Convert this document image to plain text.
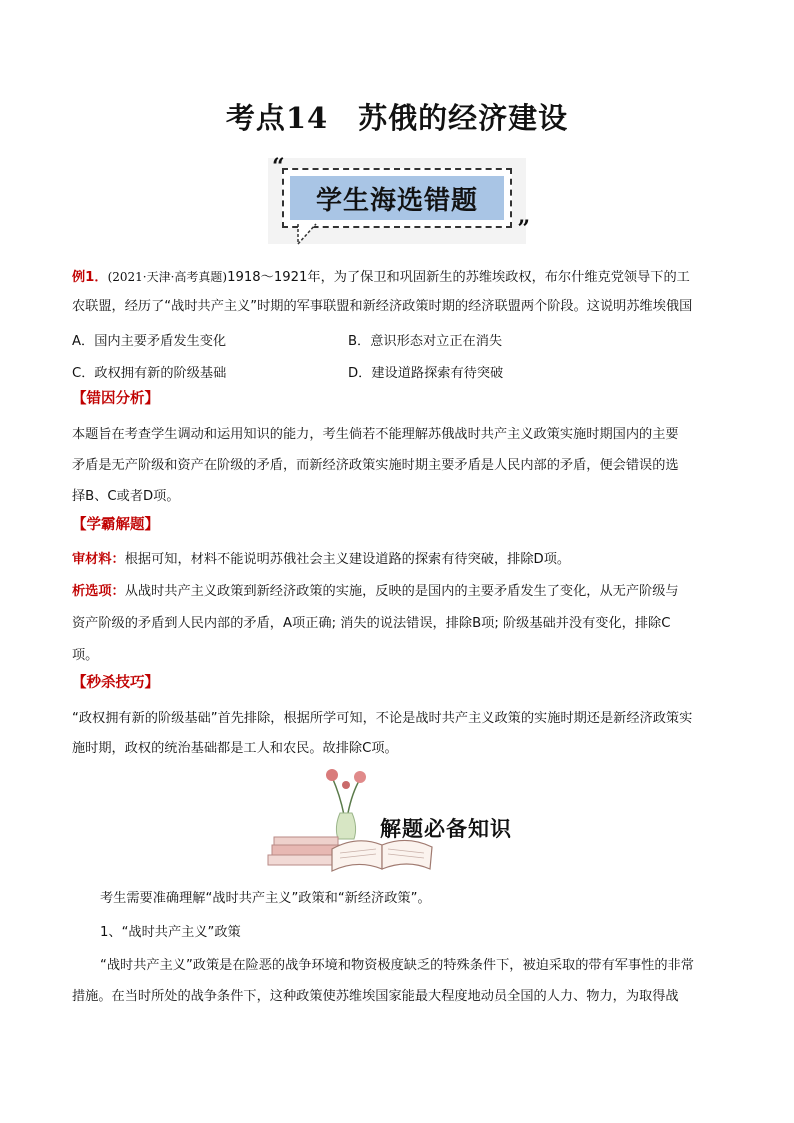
考点14　苏俄的经济建设
学生海选错题
“
”
例1．(2021·天津·高考真题)1918～1921年，为了保卫和巩固新生的苏维埃政权，布尔什维克党领导下的工
农联盟，经历了“战时共产主义”时期的军事联盟和新经济政策时期的经济联盟两个阶段。这说明苏维埃俄国
A．国内主要矛盾发生变化	B．意识形态对立正在消失
C．政权拥有新的阶级基础	D．建设道路探索有待突破
【错因分析】
本题旨在考查学生调动和运用知识的能力，考生倘若不能理解苏俄战时共产主义政策实施时期国内的主要
矛盾是无产阶级和资产在阶级的矛盾，而新经济政策实施时期主要矛盾是人民内部的矛盾，便会错误的选
择B、C或者D项。
【学霸解题】
审材料：根据可知，材料不能说明苏俄社会主义建设道路的探索有待突破，排除D项。
析选项：从战时共产主义政策到新经济政策的实施，反映的是国内的主要矛盾发生了变化，从无产阶级与
资产阶级的矛盾到人民内部的矛盾，A项正确; 消失的说法错误，排除B项; 阶级基础并没有变化，排除C
项。
【秒杀技巧】
“政权拥有新的阶级基础”首先排除，根据所学可知，不论是战时共产主义政策的实施时期还是新经济政策实
施时期，政权的统治基础都是工人和农民。故排除C项。
解题必备知识
考生需要准确理解“战时共产主义”政策和“新经济政策”。
1、“战时共产主义”政策
“战时共产主义”政策是在险恶的战争环境和物资极度缺乏的特殊条件下，被迫采取的带有军事性的非常
措施。在当时所处的战争条件下，这种政策使苏维埃国家能最大程度地动员全国的人力、物力，为取得战
